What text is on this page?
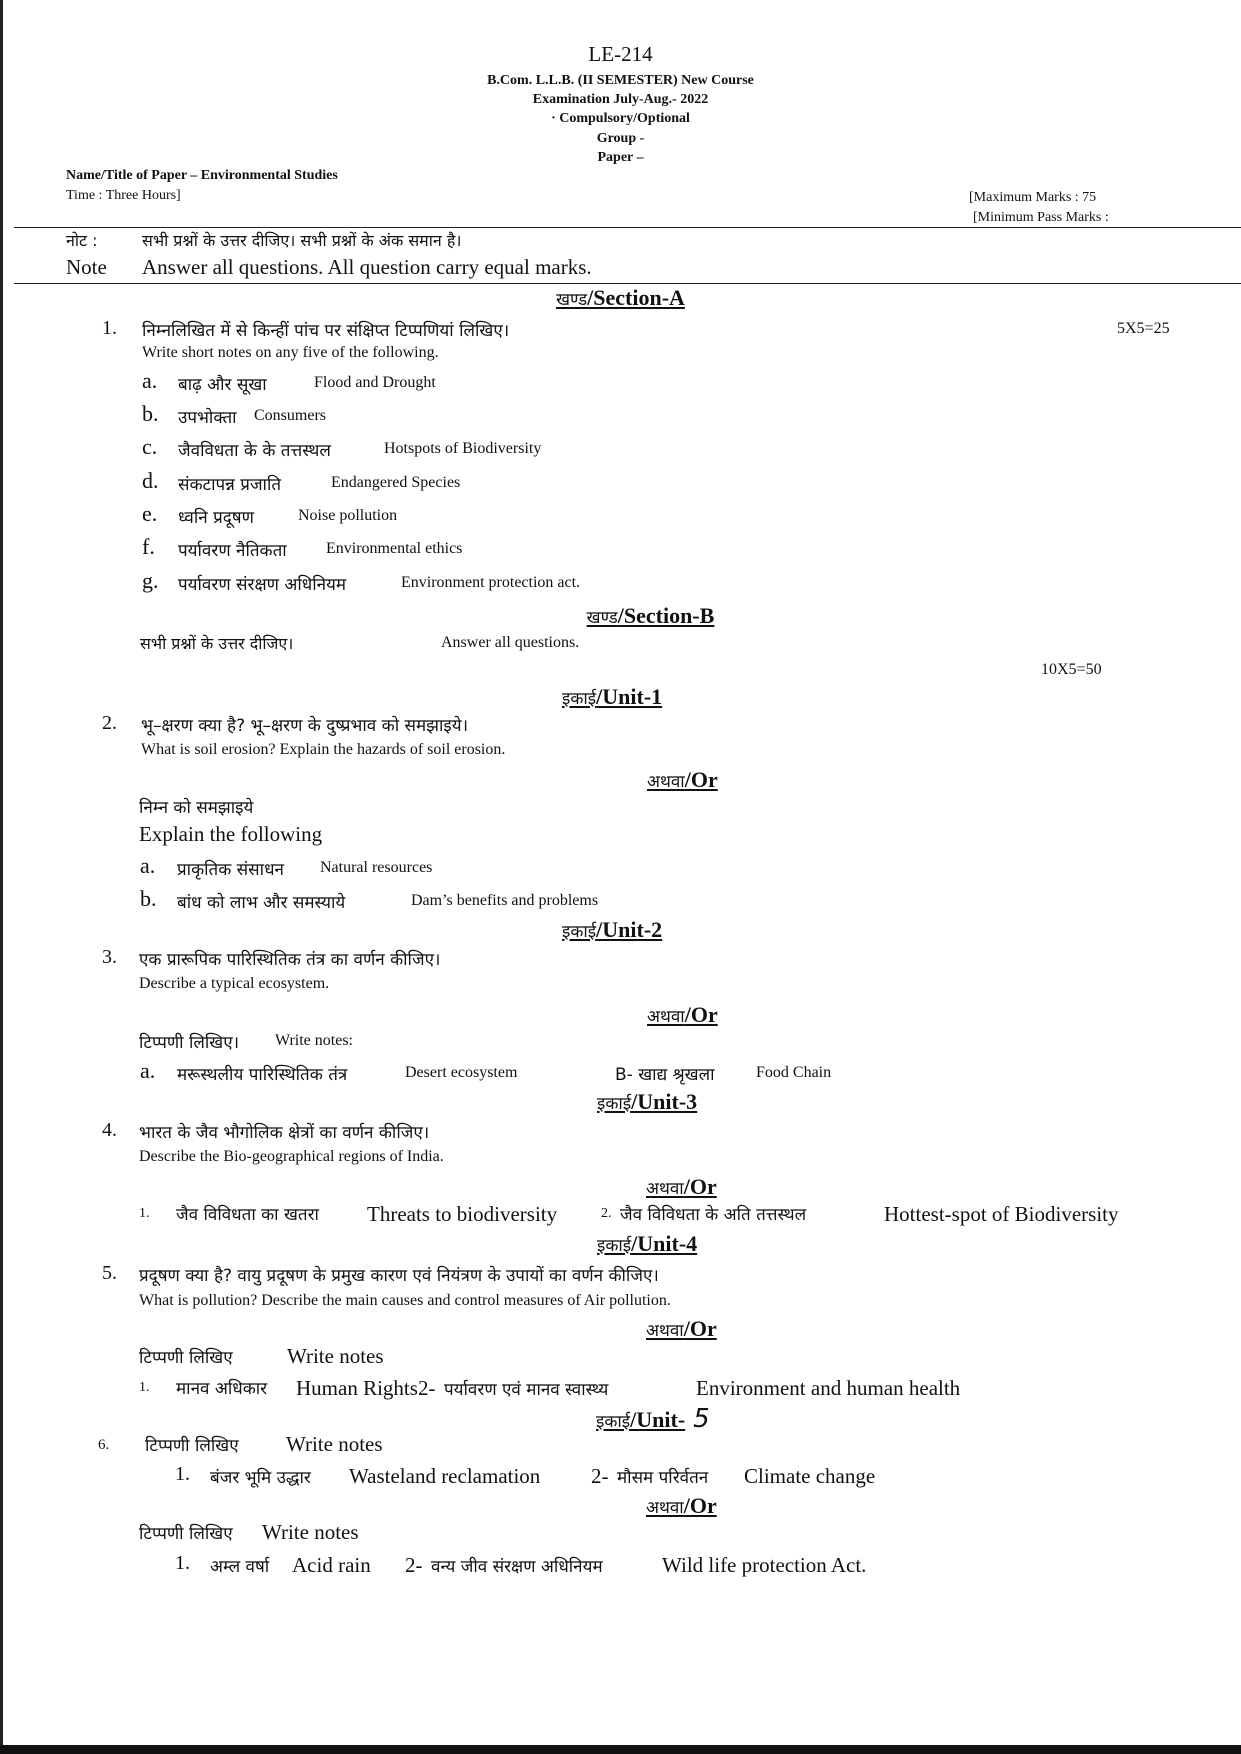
LE-214
B.Com. L.L.B. (II SEMESTER) New Course
Examination July-Aug.- 2022
· Compulsory/Optional
Group -
Paper –
Name/Title of Paper – Environmental Studies
Time : Three Hours]	[Maximum Marks : 75
[Minimum Pass Marks :
नोट :	सभी प्रश्नों के उत्तर दीजिए। सभी प्रश्नों के अंक समान है।
Note Answer all questions. All question carry equal marks.
खण्ड/Section-A
1. निम्नलिखित में से किन्हीं पांच पर संक्षिप्त टिप्पणियां लिखिए।	5X5=25
Write short notes on any five of the following.
a. बाढ़ और सूखा	Flood and Drought
b. उपभोक्ता Consumers
c. जैवविधता के के तत्तस्थल	Hotspots of Biodiversity
d. संकटापन्न प्रजाति	Endangered Species
e. ध्वनि प्रदूषण	Noise pollution
f. पर्यावरण नैतिकता Environmental ethics
g. पर्यावरण संरक्षण अधिनियम	Environment protection act.
खण्ड/Section-B
सभी प्रश्नों के उत्तर दीजिए।	Answer all questions.
10X5=50
इकाई/Unit-1
2. भू–क्षरण क्या है? भू–क्षरण के दुष्प्रभाव को समझाइये।
What is soil erosion? Explain the hazards of soil erosion.
अथवा/Or
निम्न को समझाइये
Explain the following
a. प्राकृतिक संसाधन Natural resources
b. बांध को लाभ और समस्याये	Dam’s benefits and problems
इकाई/Unit-2
3. एक प्रारूपिक पारिस्थितिक तंत्र का वर्णन कीजिए।
Describe a typical ecosystem.
अथवा/Or
टिप्पणी लिखिए। Write notes:
a. मरूस्थलीय पारिस्थितिक तंत्र	Desert ecosystem	B- खाद्य श्रृखला	Food Chain
इकाई/Unit-3
4. भारत के जैव भौगोलिक क्षेत्रों का वर्णन कीजिए।
Describe the Bio-geographical regions of India.
अथवा/Or
1. जैव विविधता का खतरा Threats to biodiversity	2. जैव विविधता के अति तत्तस्थल	Hottest-spot of Biodiversity
इकाई/Unit-4
5. प्रदूषण क्या है? वायु प्रदूषण के प्रमुख कारण एवं नियंत्रण के उपायों का वर्णन कीजिए।
What is pollution? Describe the main causes and control measures of Air pollution.
अथवा/Or
टिप्पणी लिखिए	Write notes
1. मानव अधिकार Human Rights 2- पर्यावरण एवं मानव स्वास्थ्य	Environment and human health
इकाई/Unit- 5
6. टिप्पणी लिखिए Write notes
1. बंजर भूमि उद्धार Wasteland reclamation 2- मौसम परिर्वतन Climate change
अथवा/Or
टिप्पणी लिखिए Write notes
1. अम्ल वर्षा Acid rain 2- वन्य जीव संरक्षण अधिनियम	Wild life protection Act.
